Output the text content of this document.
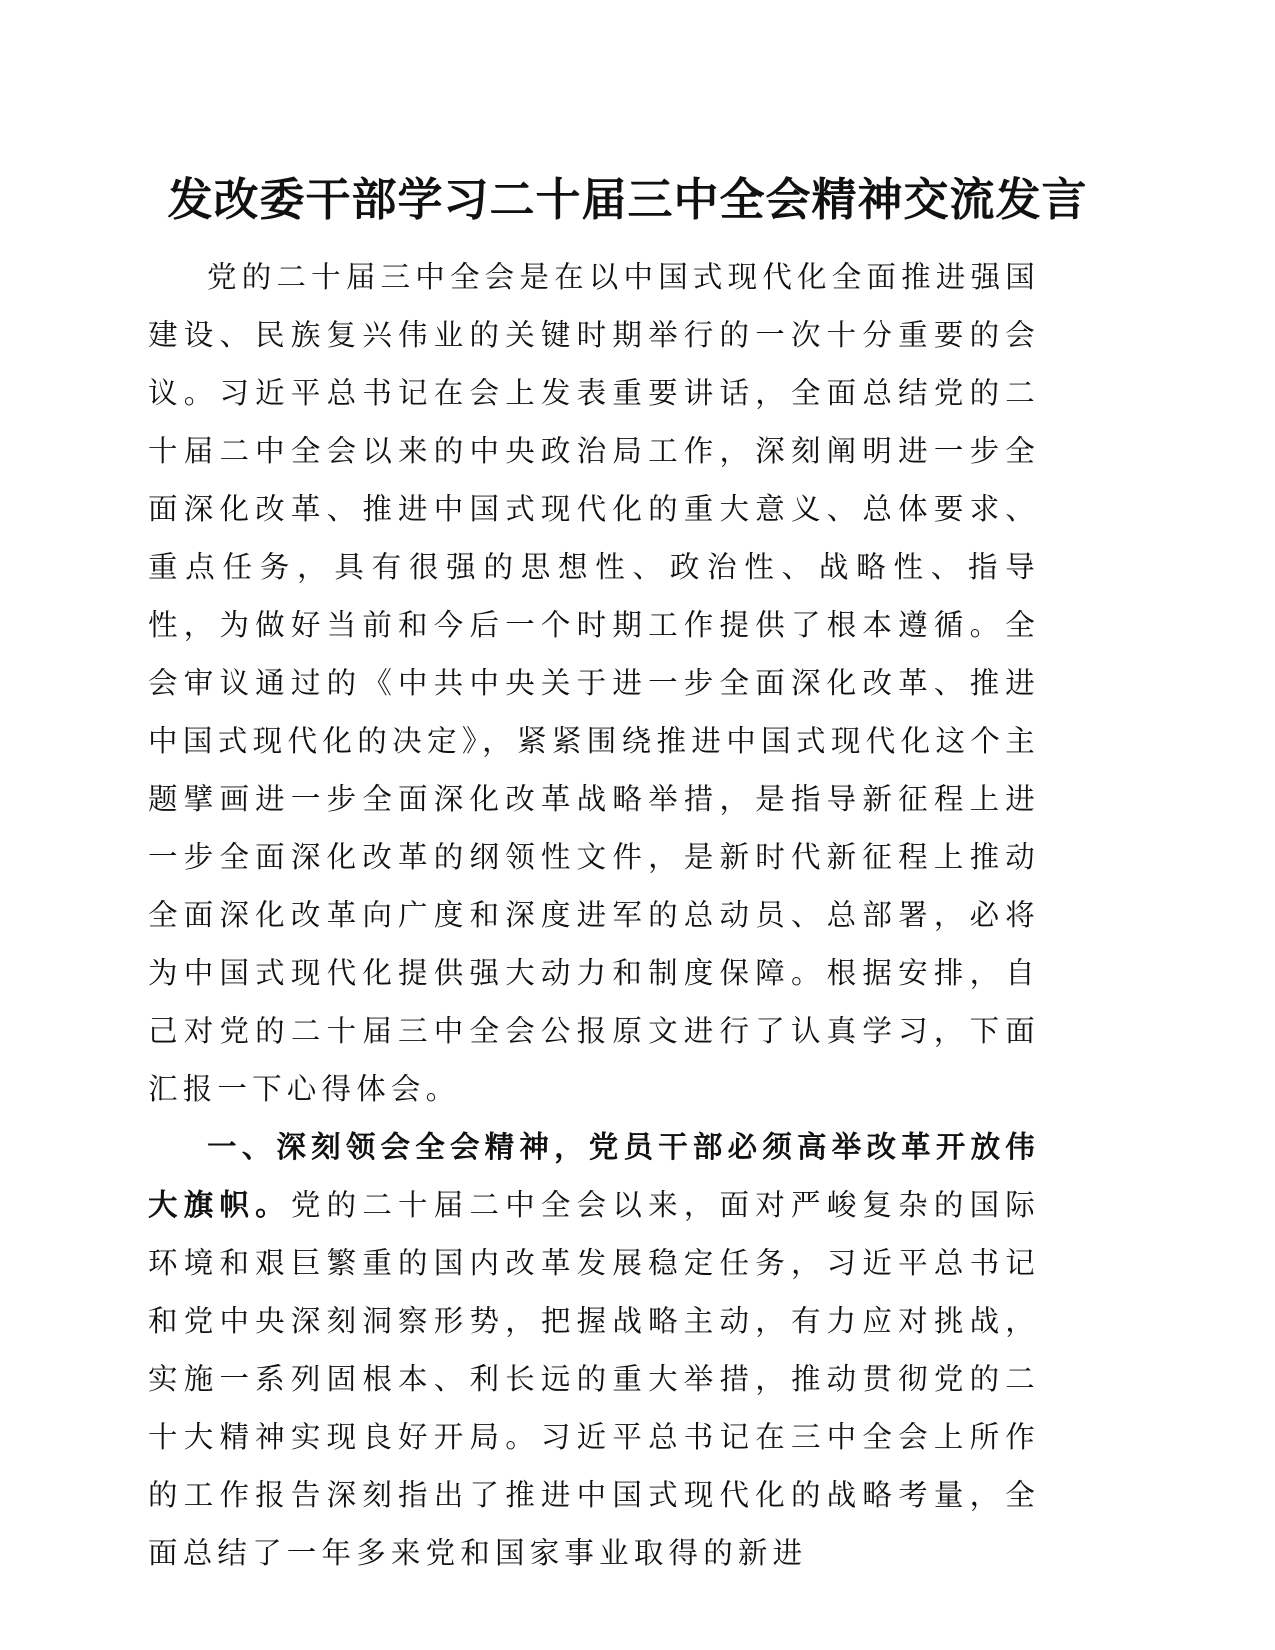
发改委干部学习二十届三中全会精神交流发言

党的二十届三中全会是在以中国式现代化全面推进强国建设、民族复兴伟业的关键时期举行的一次十分重要的会议。习近平总书记在会上发表重要讲话，全面总结党的二十届二中全会以来的中央政治局工作，深刻阐明进一步全面深化改革、推进中国式现代化的重大意义、总体要求、重点任务，具有很强的思想性、政治性、战略性、指导性，为做好当前和今后一个时期工作提供了根本遵循。全会审议通过的《中共中央关于进一步全面深化改革、推进中国式现代化的决定》，紧紧围绕推进中国式现代化这个主题擘画进一步全面深化改革战略举措，是指导新征程上进一步全面深化改革的纲领性文件，是新时代新征程上推动全面深化改革向广度和深度进军的总动员、总部署，必将为中国式现代化提供强大动力和制度保障。根据安排，自己对党的二十届三中全会公报原文进行了认真学习，下面汇报一下心得体会。

一、深刻领会全会精神，党员干部必须高举改革开放伟大旗帜。党的二十届二中全会以来，面对严峻复杂的国际环境和艰巨繁重的国内改革发展稳定任务，习近平总书记和党中央深刻洞察形势，把握战略主动，有力应对挑战，实施一系列固根本、利长远的重大举措，推动贯彻党的二十大精神实现良好开局。习近平总书记在三中全会上所作的工作报告深刻指出了推进中国式现代化的战略考量，全面总结了一年多来党和国家事业取得的新进
